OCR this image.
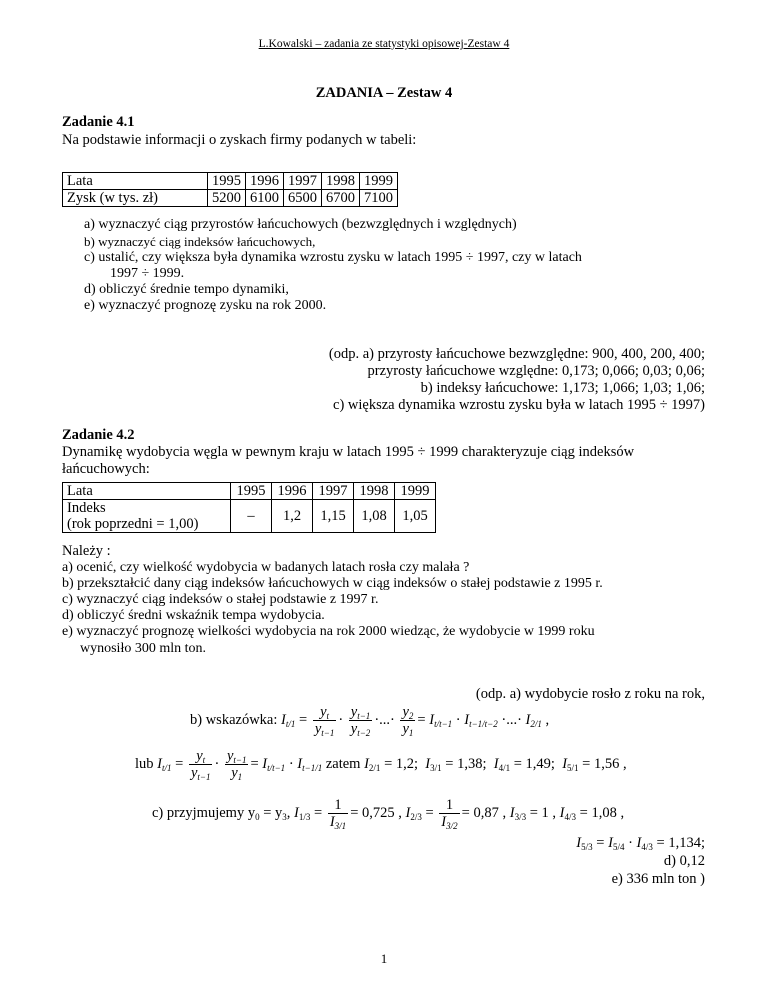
L.Kowalski – zadania ze statystyki opisowej-Zestaw 4
ZADANIA – Zestaw 4
Zadanie 4.1
Na podstawie informacji o zyskach firmy podanych w tabeli:
Lata	1995	1996	1997	1998	1999
Zysk (w tys. zł)	5200	6100	6500	6700	7100
a) wyznaczyć ciąg przyrostów łańcuchowych (bezwzględnych i względnych)
b) wyznaczyć ciąg indeksów łańcuchowych,
c) ustalić, czy większa była dynamika wzrostu zysku w latach 1995 ÷ 1997, czy w latach
1997 ÷ 1999.
d) obliczyć średnie tempo dynamiki,
e) wyznaczyć prognozę zysku na rok 2000.
(odp. a) przyrosty łańcuchowe bezwzględne: 900, 400, 200, 400;
przyrosty łańcuchowe względne: 0,173; 0,066; 0,03; 0,06;
b) indeksy łańcuchowe: 1,173; 1,066; 1,03; 1,06;
c) większa dynamika wzrostu zysku była w latach 1995 ÷ 1997)
Zadanie 4.2
Dynamikę wydobycia węgla w pewnym kraju w latach 1995 ÷ 1999 charakteryzuje ciąg indeksów
łańcuchowych:
Lata	1995	1996	1997	1998	1999
Indeks
(rok poprzedni = 1,00)	–	1,2	1,15	1,08	1,05
Należy :
a) ocenić, czy wielkość wydobycia w badanych latach rosła czy malała ?
b) przekształcić dany ciąg indeksów łańcuchowych w ciąg indeksów o stałej podstawie z 1995 r.
c) wyznaczyć ciąg indeksów o stałej podstawie z 1997 r.
d) obliczyć średni wskaźnik tempa wydobycia.
e) wyznaczyć prognozę wielkości wydobycia na rok 2000 wiedząc, że wydobycie w 1999 roku
wynosiło 300 mln ton.
(odp. a) wydobycie rosło z roku na rok,
b) wskazówka: $I_{t/1} = \frac{y_t}{y_{t-1}} \cdot \frac{y_{t-1}}{y_{t-2}}$ ·...· $\frac{y_2}{y_1} = I_{t/t-1} \cdot I_{t-1/t-2}$ ·...· $I_{2/1}$ ,
lub $I_{t/1} = \frac{y_t}{y_{t-1}} \cdot \frac{y_{t-1}}{y_1} = I_{t/t-1} \cdot I_{t-1/1}$ zatem $I_{2/1} = 1,2$;  $I_{3/1} = 1,38$;  $I_{4/1} = 1,49$;  $I_{5/1} = 1,56$ ,
c) przyjmujemy $y_0 = y_3$, $I_{1/3} = \frac{1}{I_{3/1}} = 0,725$ , $I_{2/3} = \frac{1}{I_{3/2}} = 0,87$ , $I_{3/3} = 1$ , $I_{4/3} = 1,08$ ,
$I_{5/3} = I_{5/4} \cdot I_{4/3} = 1,134$;
d) 0,12
e) 336 mln ton )
1
